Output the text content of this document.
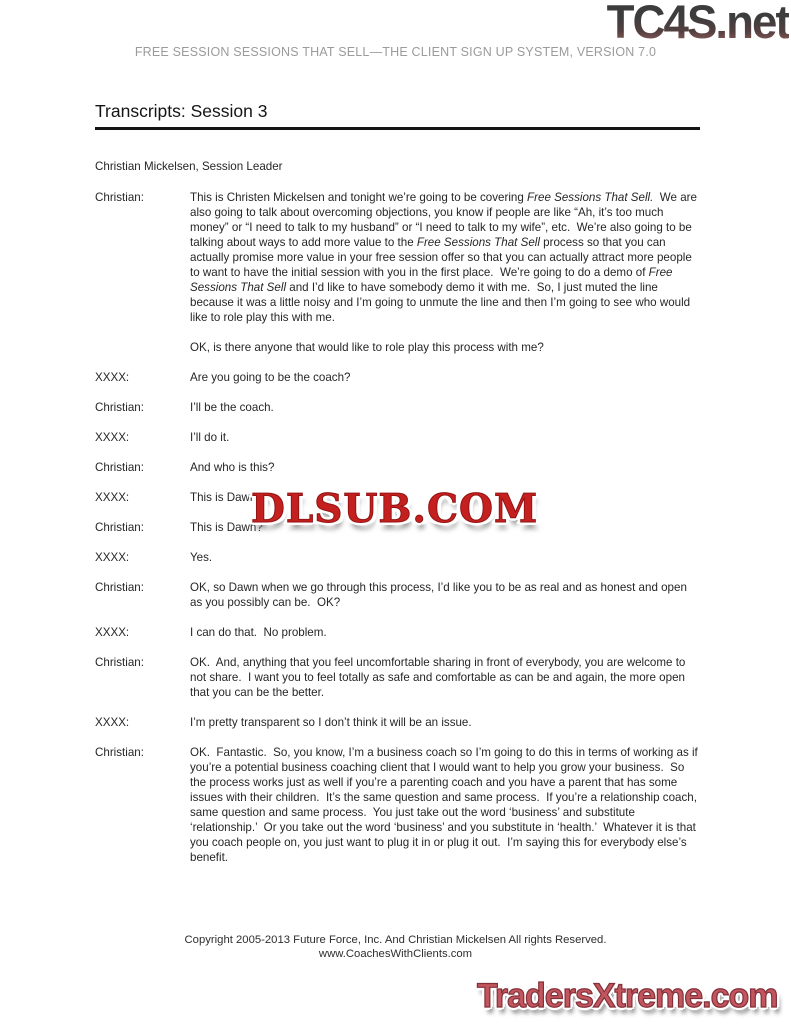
TC4S.net
FREE SESSION SESSIONS THAT SELL—THE CLIENT SIGN UP SYSTEM, VERSION 7.0
Transcripts: Session 3
Christian Mickelsen, Session Leader
Christian:	This is Christen Mickelsen and tonight we’re going to be covering Free Sessions That Sell.  We are also going to talk about overcoming objections, you know if people are like “Ah, it’s too much money” or “I need to talk to my husband” or “I need to talk to my wife”, etc.  We’re also going to be talking about ways to add more value to the Free Sessions That Sell process so that you can actually promise more value in your free session offer so that you can actually attract more people to want to have the initial session with you in the first place.  We’re going to do a demo of Free Sessions That Sell and I’d like to have somebody demo it with me.  So, I just muted the line because it was a little noisy and I’m going to unmute the line and then I’m going to see who would like to role play this with me.

OK, is there anyone that would like to role play this process with me?

XXXX:	Are you going to be the coach?

Christian:	I’ll be the coach.

XXXX:	I’ll do it.

Christian:	And who is this?

XXXX:	This is Dawn

Christian:	This is Dawn?

XXXX:	Yes.

Christian:	OK, so Dawn when we go through this process, I’d like you to be as real and as honest and open as you possibly can be.  OK?

XXXX:	I can do that.  No problem.

Christian:	OK.  And, anything that you feel uncomfortable sharing in front of everybody, you are welcome to not share.  I want you to feel totally as safe and comfortable as can be and again, the more open that you can be the better.

XXXX:	I’m pretty transparent so I don’t think it will be an issue.

Christian:	OK.  Fantastic.  So, you know, I’m a business coach so I’m going to do this in terms of working as if you’re a potential business coaching client that I would want to help you grow your business.  So the process works just as well if you’re a parenting coach and you have a parent that has some issues with their children.  It’s the same question and same process.  If you’re a relationship coach, same question and same process.  You just take out the word ‘business’ and substitute ‘relationship.’  Or you take out the word ‘business’ and you substitute in ‘health.’  Whatever it is that you coach people on, you just want to plug it in or plug it out.  I’m saying this for everybody else’s benefit.

Copyright 2005-2013 Future Force, Inc. And Christian Mickelsen All rights Reserved.
www.CoachesWithClients.com
DLSUB.COM
TradersXtreme.com
